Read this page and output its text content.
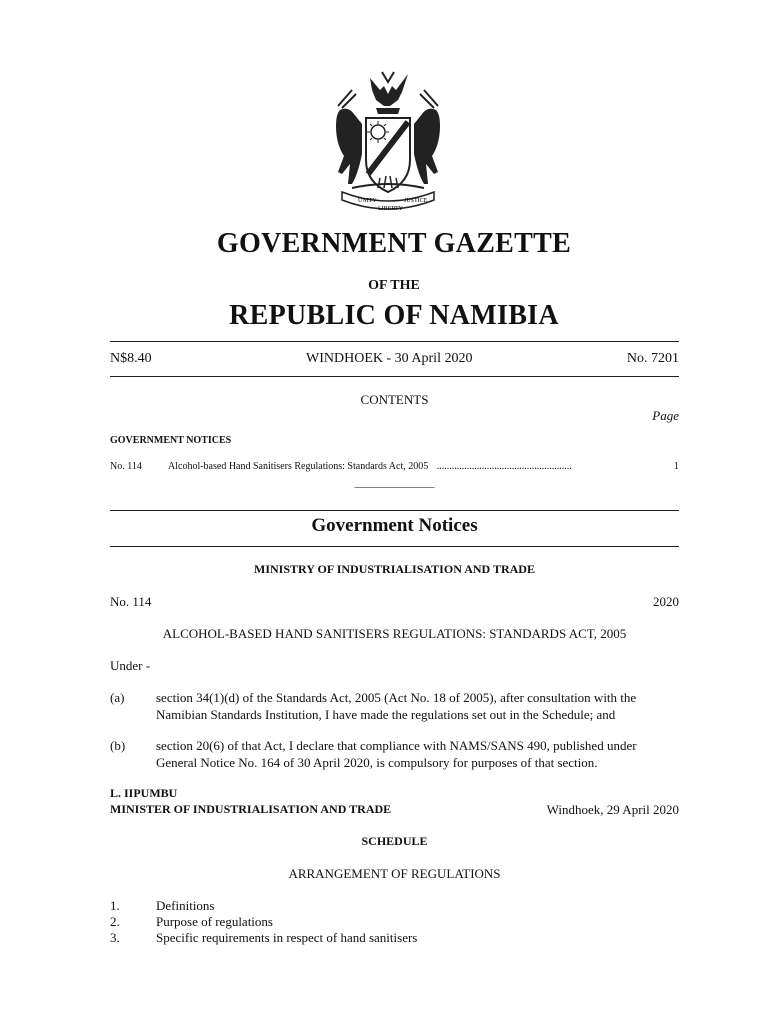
UNITY
LIBERTY
JUSTICE
GOVERNMENT GAZETTE
OF THE
REPUBLIC OF NAMIBIA
N$8.40	WINDHOEK - 30 April 2020	No. 7201
CONTENTS
Page
GOVERNMENT NOTICES
No. 114	Alcohol-based Hand Sanitisers Regulations: Standards Act, 2005 ......................................................	1
________________
Government Notices
MINISTRY OF INDUSTRIALISATION AND TRADE
No. 114	2020
ALCOHOL-BASED HAND SANITISERS REGULATIONS: STANDARDS ACT, 2005
Under -
(a)	section 34(1)(d) of the Standards Act, 2005 (Act No. 18 of 2005), after consultation with the Namibian Standards Institution, I have made the regulations set out in the Schedule; and
(b)	section 20(6) of that Act, I declare that compliance with NAMS/SANS 490, published under General Notice No. 164 of 30 April 2020, is compulsory for purposes of that section.
L. IIPUMBU
MINISTER OF INDUSTRIALISATION AND TRADE	Windhoek, 29 April 2020
SCHEDULE
ARRANGEMENT OF REGULATIONS
1.	Definitions
2.	Purpose of regulations
3.	Specific requirements in respect of hand sanitisers
